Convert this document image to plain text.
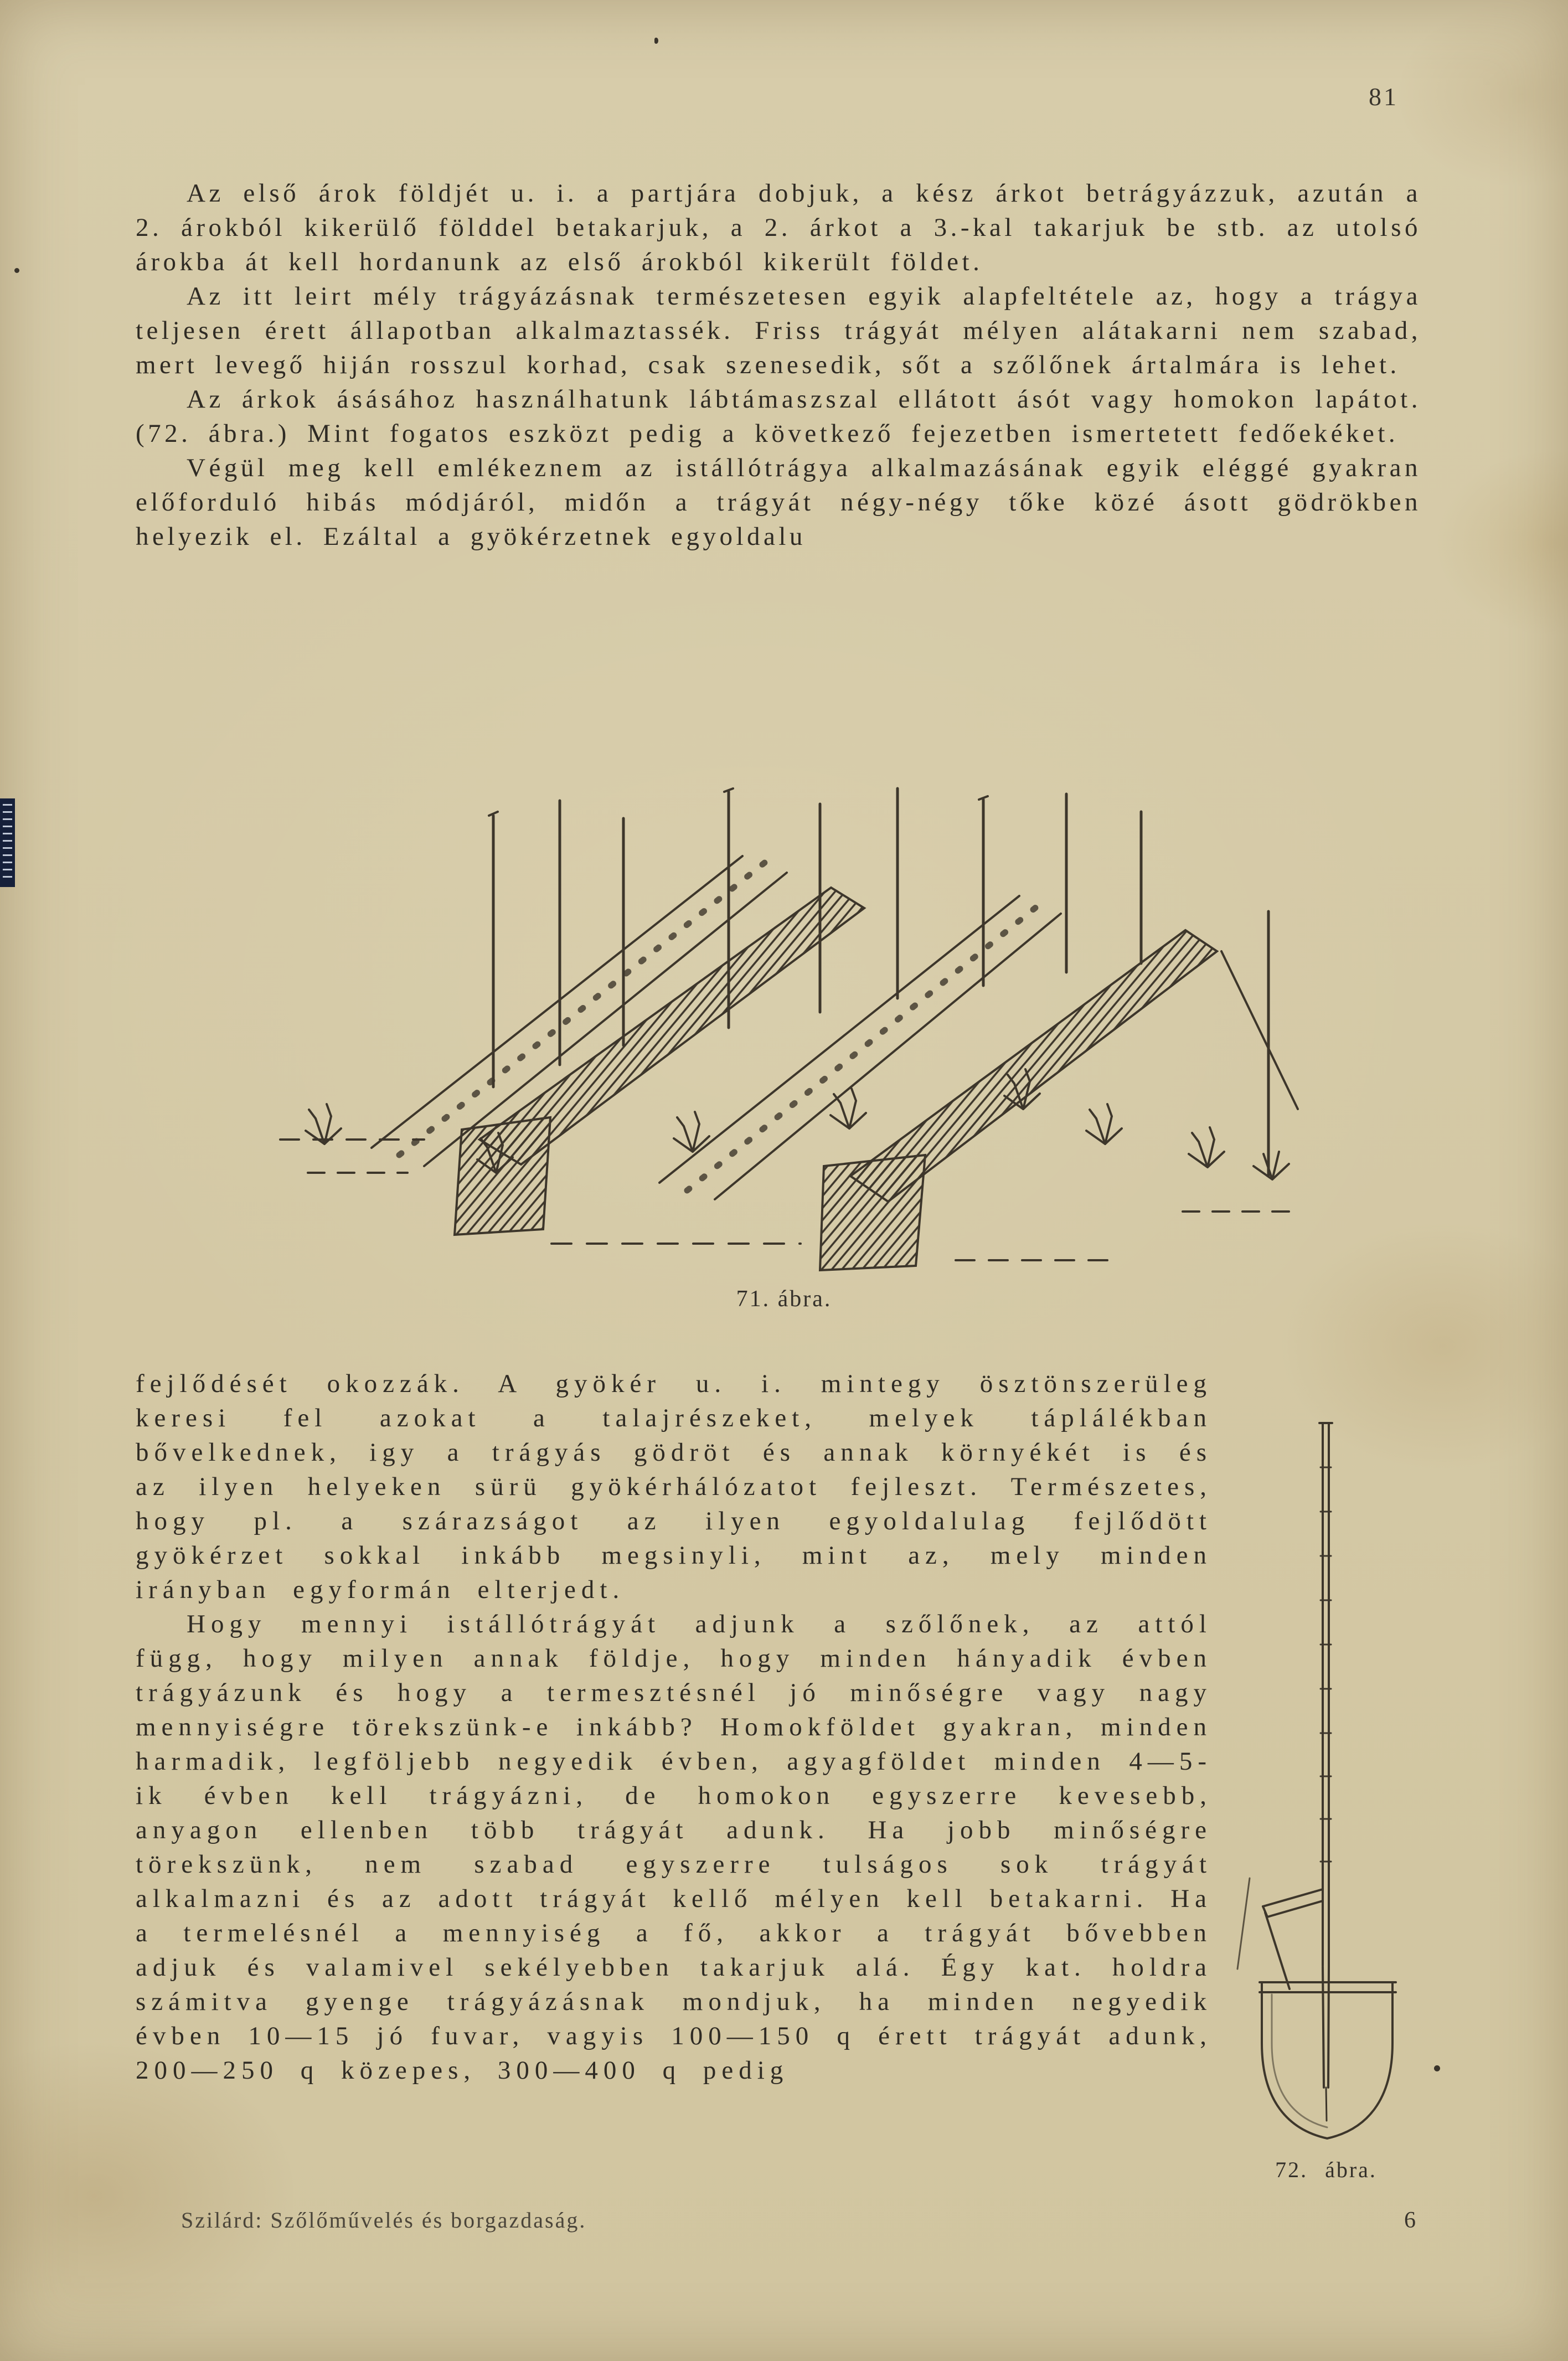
81

Az első árok földjét u. i. a partjára dobjuk, a kész árkot betrágyázzuk, azután a 2. árokból kikerülő földdel betakarjuk, a 2. árkot a 3.-kal takarjuk be stb. az utolsó árokba át kell hordanunk az első árokból kikerült földet.

Az itt leirt mély trágyázásnak természetesen egyik alapfeltétele az, hogy a trágya teljesen érett állapotban alkalmaztassék. Friss trágyát mélyen alátakarni nem szabad, mert levegő hiján rosszul korhad, csak szenesedik, sőt a szőlőnek ártalmára is lehet.

Az árkok ásásához használhatunk lábtámaszszal ellátott ásót vagy homokon lapátot. (72. ábra.) Mint fogatos eszközt pedig a következő fejezetben ismertetett fedőekéket.

Végül meg kell emlékeznem az istállótrágya alkalmazásának egyik eléggé gyakran előforduló hibás módjáról, midőn a trágyát négy-négy tőke közé ásott gödrökben helyezik el. Ezáltal a gyökérzetnek egyoldalu

71. ábra.
72. ábra.

fejlődését okozzák. A gyökér u. i. mintegy ösztönszerüleg keresi fel azokat a talajrészeket, melyek táplálékban bővelkednek, igy a trágyás gödröt és annak környékét is és az ilyen helyeken sürü gyökérhálózatot fejleszt. Természetes, hogy pl. a szárazságot az ilyen egyoldalulag fejlődött gyökérzet sokkal inkább megsinyli, mint az, mely minden irányban egyformán elterjedt.

Hogy mennyi istállótrágyát adjunk a szőlőnek, az attól függ, hogy milyen annak földje, hogy minden hányadik évben trágyázunk és hogy a termesztésnél jó minőségre vagy nagy mennyiségre törekszünk-e inkább? Homokföldet gyakran, minden harmadik, legföljebb negyedik évben, agyagföldet minden 4—5-ik évben kell trágyázni, de homokon egyszerre kevesebb, anyagon ellenben több trágyát adunk. Ha jobb minőségre törekszünk, nem szabad egyszerre tulságos sok trágyát alkalmazni és az adott trágyát kellő mélyen kell betakarni. Ha a termelésnél a mennyiség a fő, akkor a trágyát bővebben adjuk és valamivel sekélyebben takarjuk alá. Égy kat. holdra számitva gyenge trágyázásnak mondjuk, ha minden negyedik évben 10—15 jó fuvar, vagyis 100—150 q érett trágyát adunk, 200—250 q közepes, 300—400 q pedig

Szilárd: Szőlőművelés és borgazdaság.	6
